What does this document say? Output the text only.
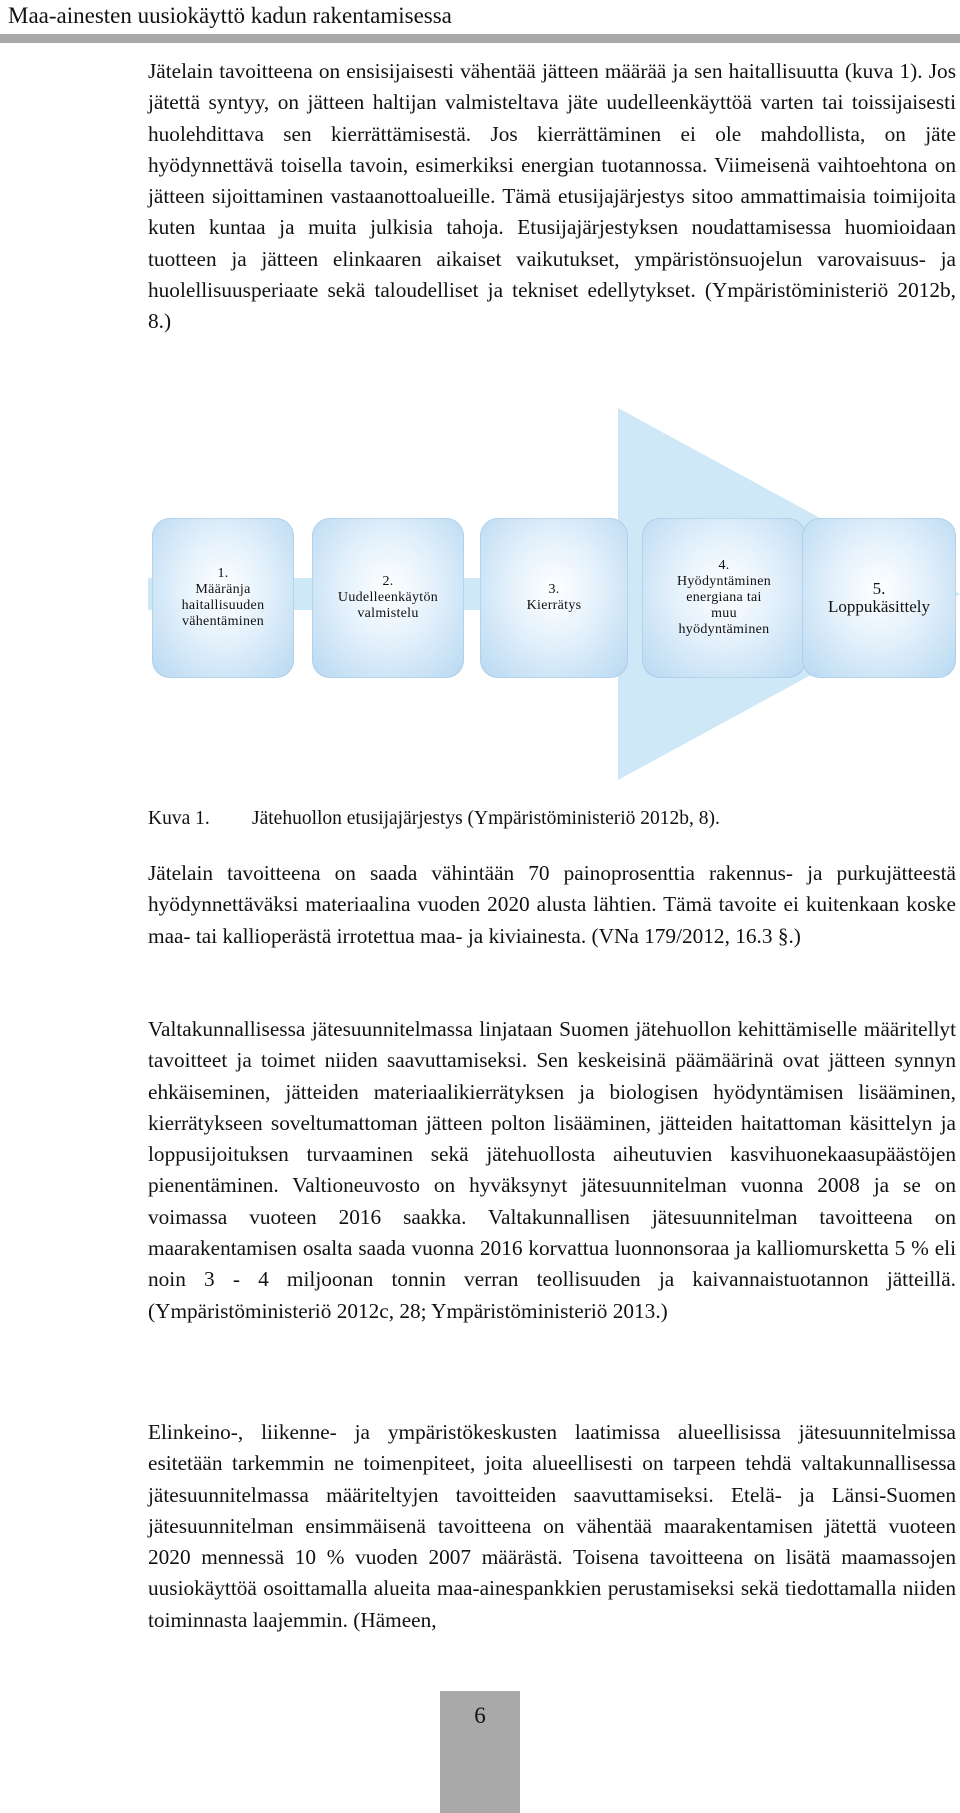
Maa-ainesten uusiokäyttö kadun rakentamisessa

Jätelain tavoitteena on ensisijaisesti vähentää jätteen määrää ja sen haitallisuutta (kuva 1). Jos jätettä syntyy, on jätteen haltijan valmisteltava jäte uudelleenkäyttöä varten tai toissijaisesti huolehdittava sen kierrättämisestä. Jos kierrättäminen ei ole mahdollista, on jäte hyödynnettävä toisella tavoin, esimerkiksi energian tuotannossa. Viimeisenä vaihtoehtona on jätteen sijoittaminen vastaanottoalueille. Tämä etusijajärjestys sitoo ammattimaisia toimijoita kuten kuntaa ja muita julkisia tahoja. Etusijajärjestyksen noudattamisessa huomioidaan tuotteen ja jätteen elinkaaren aikaiset vaikutukset, ympäristönsuojelun varovaisuus- ja huolellisuusperiaate sekä taloudelliset ja tekniset edellytykset. (Ympäristöministeriö 2012b, 8.)

1.
Määränja
haitallisuuden
vähentäminen
2.
Uudelleenkäytön
valmistelu
3.
Kierrätys
4.
Hyödyntäminen
energiana tai
muu
hyödyntäminen
5.
Loppukäsittely
Kuva 1. Jätehuollon etusijajärjestys (Ympäristöministeriö 2012b, 8).

Jätelain tavoitteena on saada vähintään 70 painoprosenttia rakennus- ja purkujätteestä hyödynnettäväksi materiaalina vuoden 2020 alusta lähtien. Tämä tavoite ei kuitenkaan koske maa- tai kallioperästä irrotettua maa- ja kiviainesta. (VNa 179/2012, 16.3 §.)

Valtakunnallisessa jätesuunnitelmassa linjataan Suomen jätehuollon kehittämiselle määritellyt tavoitteet ja toimet niiden saavuttamiseksi. Sen keskeisinä päämäärinä ovat jätteen synnyn ehkäiseminen, jätteiden materiaalikierrätyksen ja biologisen hyödyntämisen lisääminen, kierrätykseen soveltumattoman jätteen polton lisääminen, jätteiden haitattoman käsittelyn ja loppusijoituksen turvaaminen sekä jätehuollosta aiheutuvien kasvihuonekaasupäästöjen pienentäminen. Valtioneuvosto on hyväksynyt jätesuunnitelman vuonna 2008 ja se on voimassa vuoteen 2016 saakka. Valtakunnallisen jätesuunnitelman tavoitteena on maarakentamisen osalta saada vuonna 2016 korvattua luonnonsoraa ja kalliomursketta 5 % eli noin 3 - 4 miljoonan tonnin verran teollisuuden ja kaivannaistuotannon jätteillä. (Ympäristöministeriö 2012c, 28; Ympäristöministeriö 2013.)

Elinkeino-, liikenne- ja ympäristökeskusten laatimissa alueellisissa jätesuunnitelmissa esitetään tarkemmin ne toimenpiteet, joita alueellisesti on tarpeen tehdä valtakunnallisessa jätesuunnitelmassa määriteltyjen tavoitteiden saavuttamiseksi. Etelä- ja Länsi-Suomen jätesuunnitelman ensimmäisenä tavoitteena on vähentää maarakentamisen jätettä vuoteen 2020 mennessä 10 % vuoden 2007 määrästä. Toisena tavoitteena on lisätä maamassojen uusiokäyttöä osoittamalla alueita maa-ainespankkien perustamiseksi sekä tiedottamalla niiden toiminnasta laajemmin. (Hämeen,

6
